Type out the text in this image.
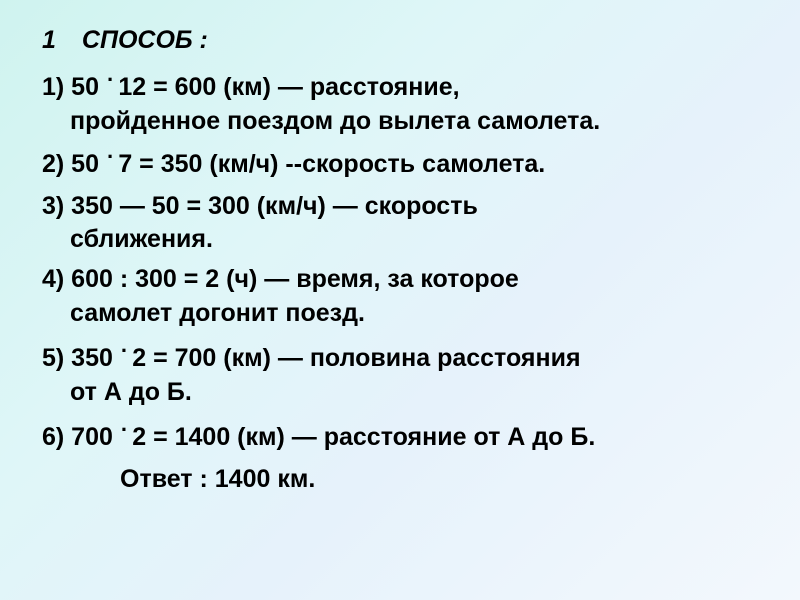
1 СПОСОБ :
1) 50 · 12 = 600 (км) — расстояние,
пройденное поездом до вылета самолета.
2) 50 · 7 = 350 (км/ч) --скорость самолета.
3) 350 — 50 = 300 (км/ч) — скорость
сближения.
4) 600 : 300 = 2 (ч) — время, за которое
самолет догонит поезд.
5) 350 · 2 = 700 (км) — половина расстояния
от А до Б.
6) 700 · 2 = 1400 (км) — расстояние от А до Б.
Ответ : 1400 км.
